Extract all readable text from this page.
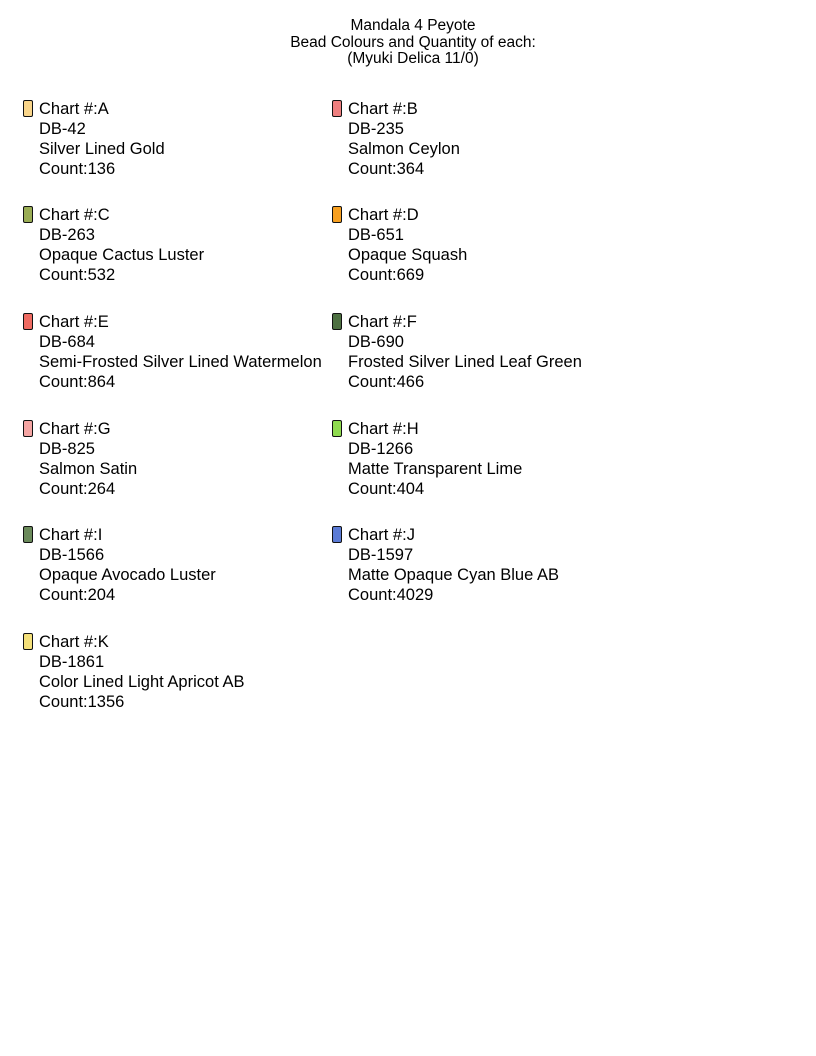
Mandala 4 Peyote
Bead Colours and Quantity of each:
(Myuki Delica 11/0)
Chart #:A
DB-42
Silver Lined Gold
Count:136
Chart #:B
DB-235
Salmon Ceylon
Count:364
Chart #:C
DB-263
Opaque Cactus Luster
Count:532
Chart #:D
DB-651
Opaque Squash
Count:669
Chart #:E
DB-684
Semi-Frosted Silver Lined Watermelon
Count:864
Chart #:F
DB-690
Frosted Silver Lined Leaf Green
Count:466
Chart #:G
DB-825
Salmon Satin
Count:264
Chart #:H
DB-1266
Matte Transparent Lime
Count:404
Chart #:I
DB-1566
Opaque Avocado Luster
Count:204
Chart #:J
DB-1597
Matte Opaque Cyan Blue AB
Count:4029
Chart #:K
DB-1861
Color Lined Light Apricot AB
Count:1356
